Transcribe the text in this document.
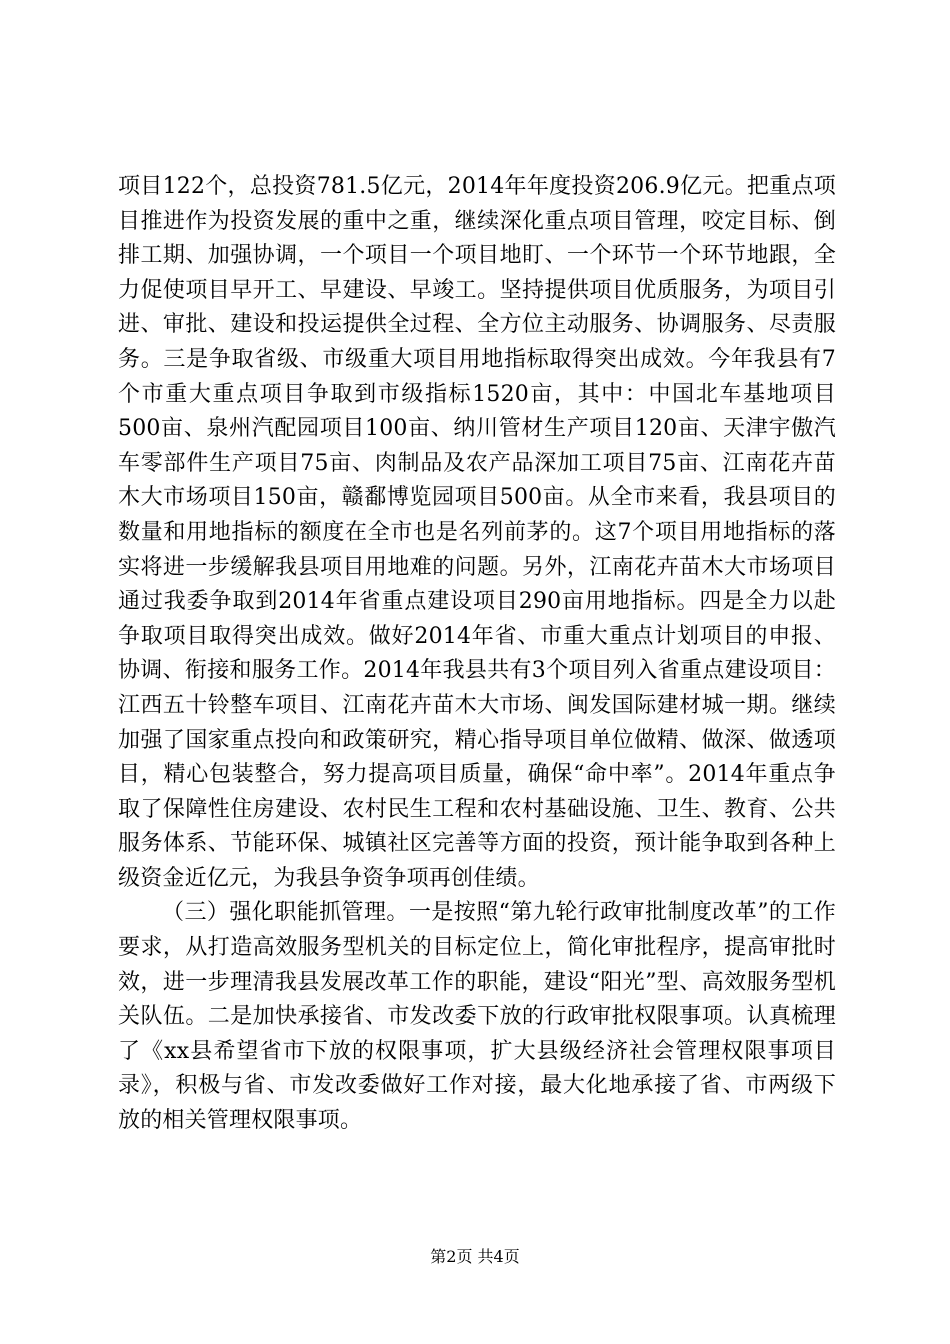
项目122个，总投资781.5亿元，2014年年度投资206.9亿元。把重点项目推进作为投资发展的重中之重，继续深化重点项目管理，咬定目标、倒排工期、加强协调，一个项目一个项目地盯、一个环节一个环节地跟，全力促使项目早开工、早建设、早竣工。坚持提供项目优质服务，为项目引进、审批、建设和投运提供全过程、全方位主动服务、协调服务、尽责服务。三是争取省级、市级重大项目用地指标取得突出成效。今年我县有7个市重大重点项目争取到市级指标1520亩，其中：中国北车基地项目500亩、泉州汽配园项目100亩、纳川管材生产项目120亩、天津宇傲汽车零部件生产项目75亩、肉制品及农产品深加工项目75亩、江南花卉苗木大市场项目150亩，赣鄱博览园项目500亩。从全市来看，我县项目的数量和用地指标的额度在全市也是名列前茅的。这7个项目用地指标的落实将进一步缓解我县项目用地难的问题。另外，江南花卉苗木大市场项目通过我委争取到2014年省重点建设项目290亩用地指标。四是全力以赴争取项目取得突出成效。做好2014年省、市重大重点计划项目的申报、协调、衔接和服务工作。2014年我县共有3个项目列入省重点建设项目：江西五十铃整车项目、江南花卉苗木大市场、闽发国际建材城一期。继续加强了国家重点投向和政策研究，精心指导项目单位做精、做深、做透项目，精心包装整合，努力提高项目质量，确保“命中率”。2014年重点争取了保障性住房建设、农村民生工程和农村基础设施、卫生、教育、公共服务体系、节能环保、城镇社区完善等方面的投资，预计能争取到各种上级资金近亿元，为我县争资争项再创佳绩。

（三）强化职能抓管理。一是按照“第九轮行政审批制度改革”的工作要求，从打造高效服务型机关的目标定位上，简化审批程序，提高审批时效，进一步理清我县发展改革工作的职能，建设“阳光”型、高效服务型机关队伍。二是加快承接省、市发改委下放的行政审批权限事项。认真梳理了《xx县希望省市下放的权限事项，扩大县级经济社会管理权限事项目录》，积极与省、市发改委做好工作对接，最大化地承接了省、市两级下放的相关管理权限事项。

第2页 共4页
